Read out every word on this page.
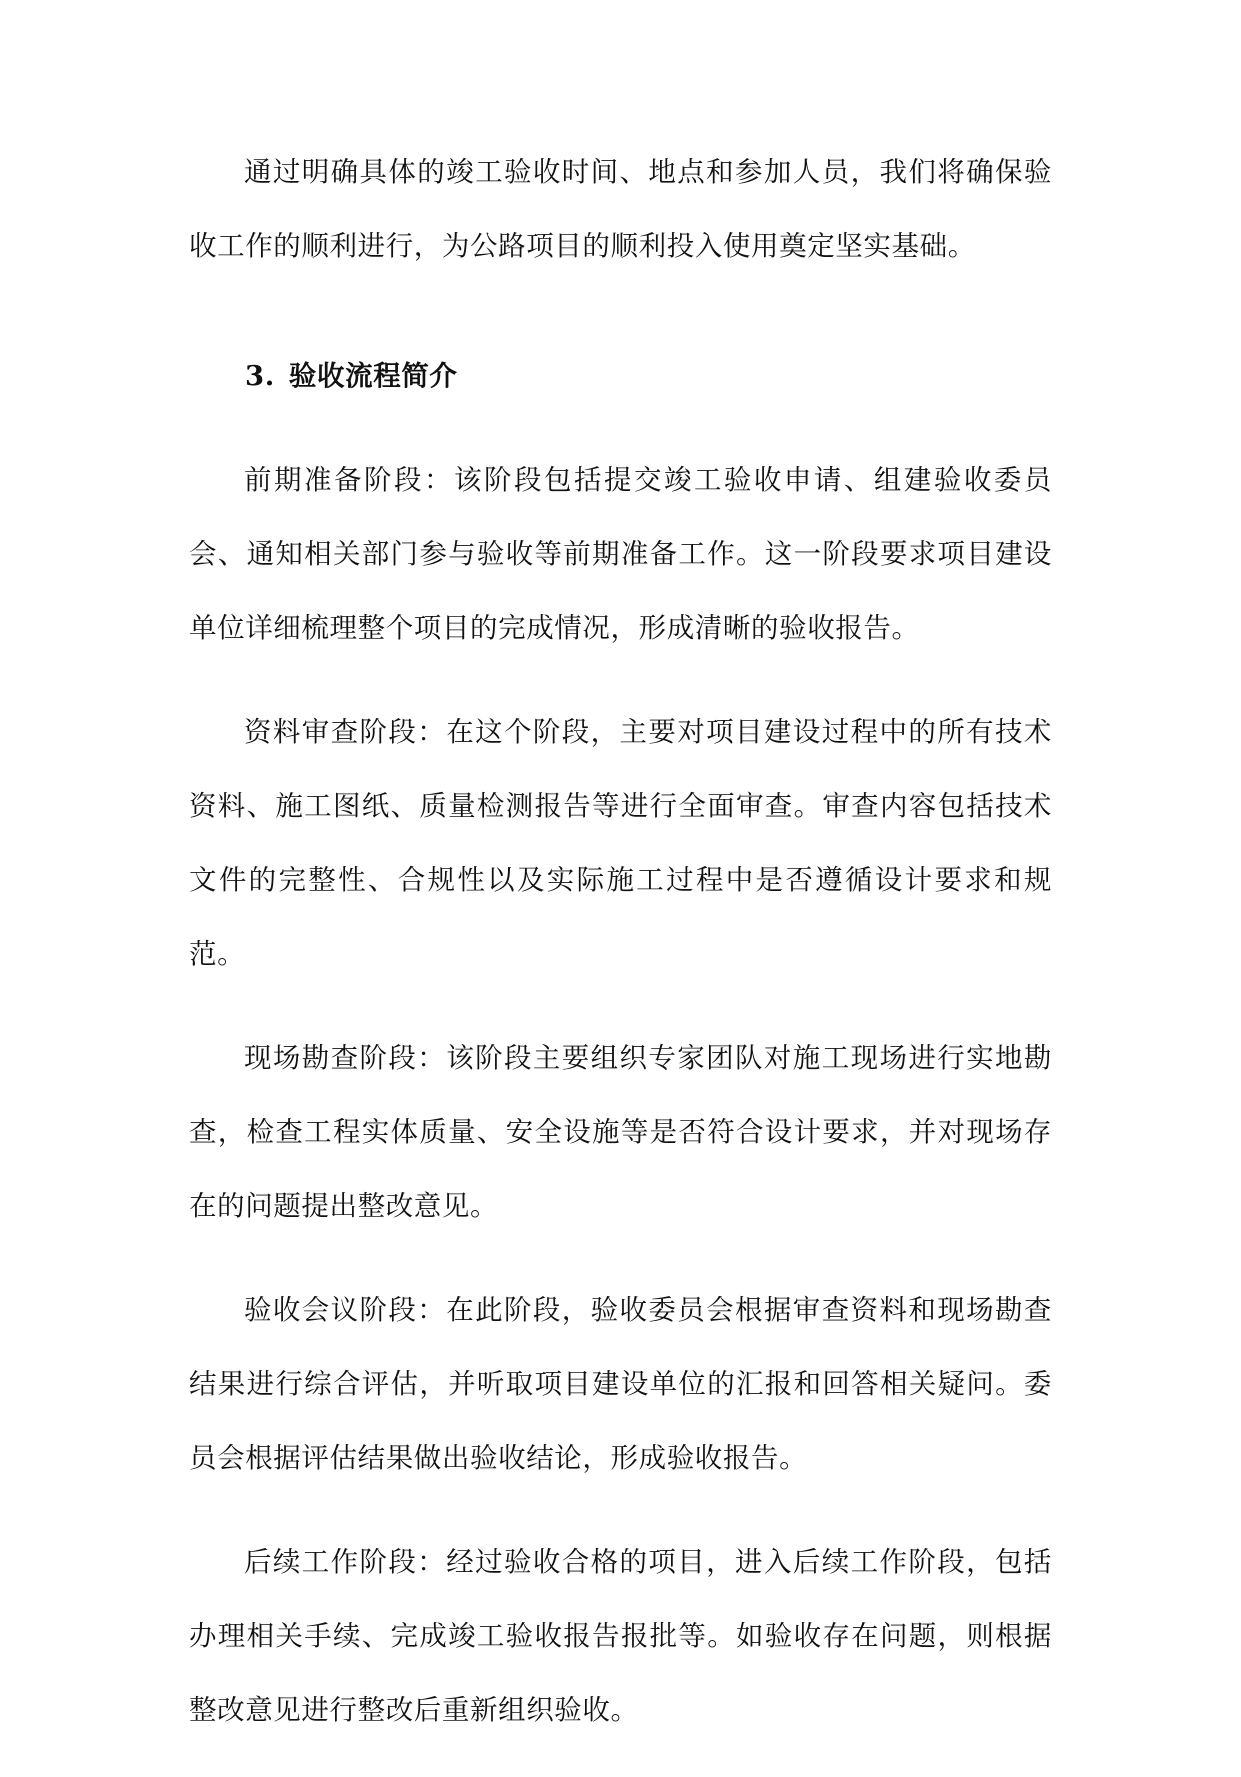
通过明确具体的竣工验收时间、地点和参加人员，我们将确保验收工作的顺利进行，为公路项目的顺利投入使用奠定坚实基础。

3. 验收流程简介

前期准备阶段：该阶段包括提交竣工验收申请、组建验收委员会、通知相关部门参与验收等前期准备工作。这一阶段要求项目建设单位详细梳理整个项目的完成情况，形成清晰的验收报告。

资料审查阶段：在这个阶段，主要对项目建设过程中的所有技术资料、施工图纸、质量检测报告等进行全面审查。审查内容包括技术文件的完整性、合规性以及实际施工过程中是否遵循设计要求和规范。

现场勘查阶段：该阶段主要组织专家团队对施工现场进行实地勘查，检查工程实体质量、安全设施等是否符合设计要求，并对现场存在的问题提出整改意见。

验收会议阶段：在此阶段，验收委员会根据审查资料和现场勘查结果进行综合评估，并听取项目建设单位的汇报和回答相关疑问。委员会根据评估结果做出验收结论，形成验收报告。

后续工作阶段：经过验收合格的项目，进入后续工作阶段，包括办理相关手续、完成竣工验收报告报批等。如验收存在问题，则根据整改意见进行整改后重新组织验收。
